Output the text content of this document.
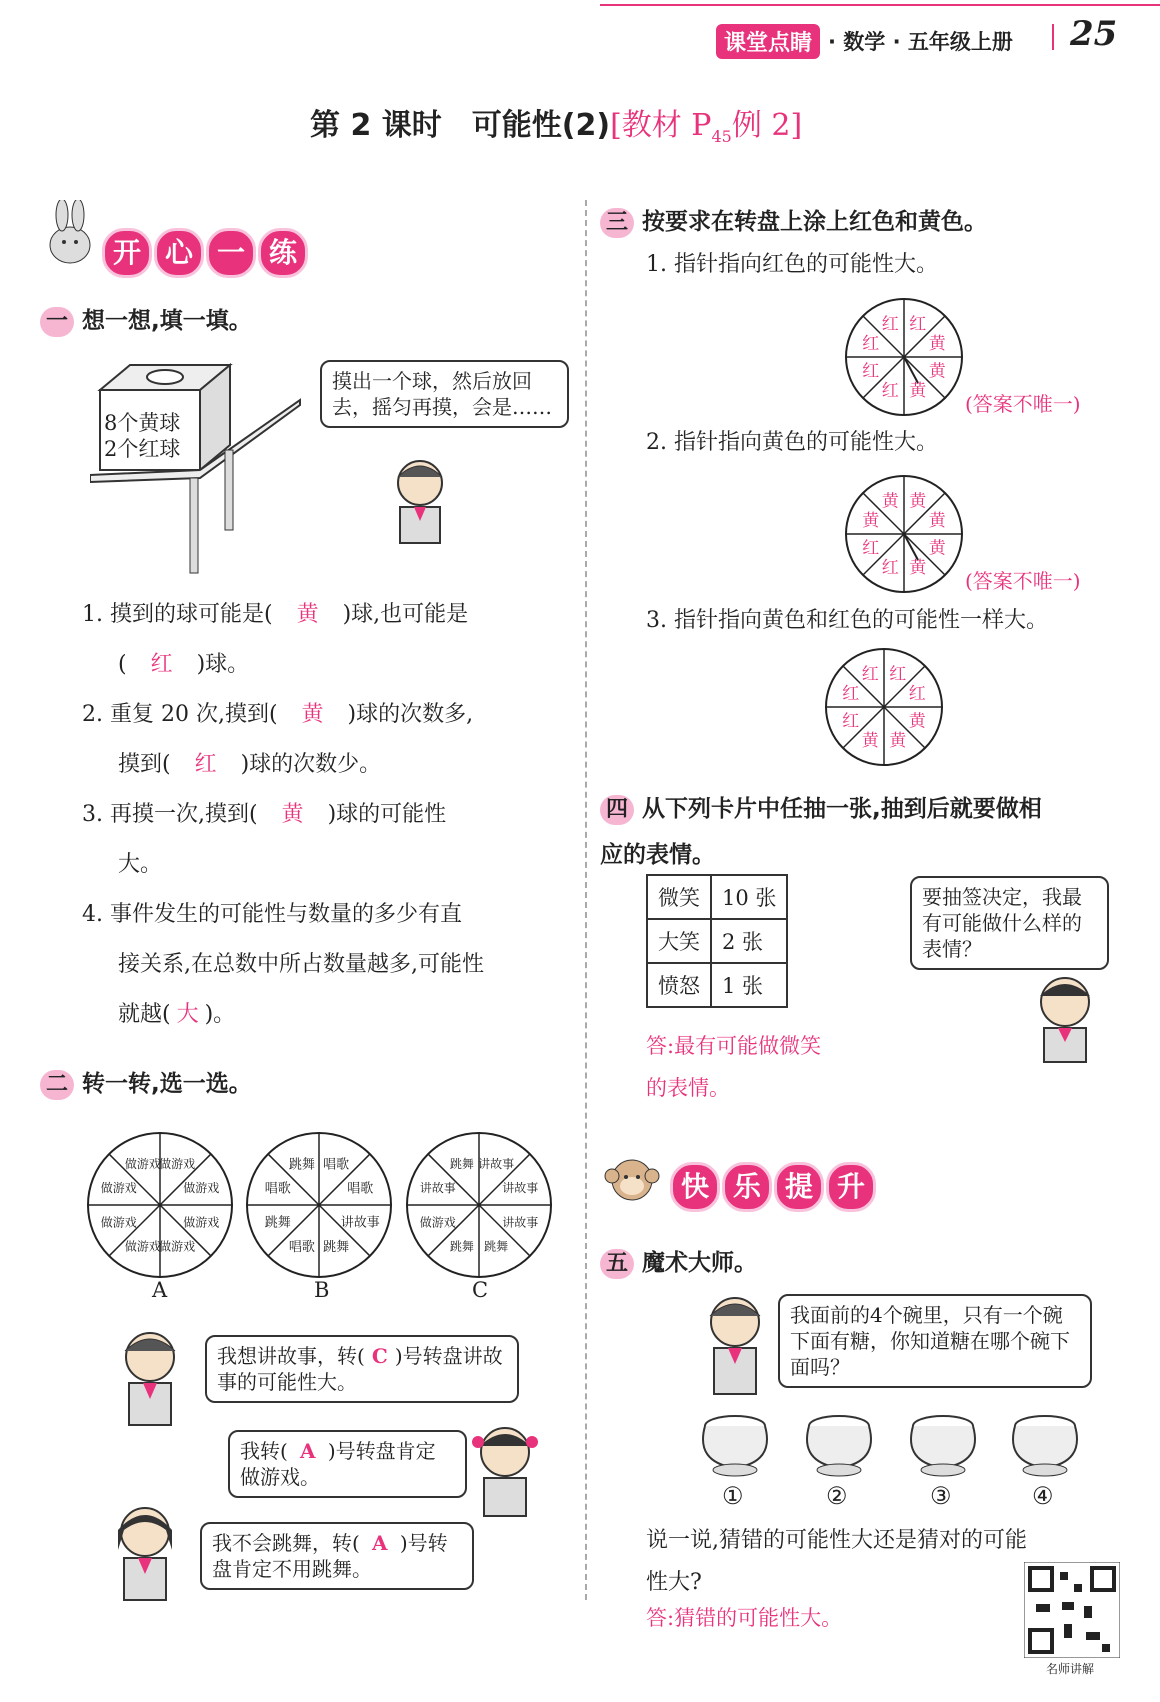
课堂点睛 · 数学 · 五年级上册 25
第 2 课时　可能性(2)[教材 $P_{45}$例 2]
开 心 一 练
一 想一想,填一填。
8个黄球
2个红球
摸出一个球，然后放回去，摇匀再摸，会是……
1. 摸到的球可能是( 黄 )球,也可能是
( 红 )球。
2. 重复 20 次,摸到( 黄 )球的次数多,
摸到( 红 )球的次数少。
3. 再摸一次,摸到( 黄 )球的可能性
大。
4. 事件发生的可能性与数量的多少有直
接关系,在总数中所占数量越多,可能性
就越( 大 )。
二 转一转,选一选。
做游戏
做游戏
做游戏
做游戏
做游戏
做游戏
做游戏
做游戏	唱歌
唱歌
讲故事
跳舞
唱歌
跳舞
唱歌
跳舞	讲故事
讲故事
讲故事
跳舞
跳舞
做游戏
讲故事
跳舞
A	B	C
我想讲故事，转( C )号转盘讲故事的可能性大。
我转( A )号转盘肯定做游戏。
我不会跳舞，转( A )号转盘肯定不用跳舞。
三 按要求在转盘上涂上红色和黄色。
1. 指针指向红色的可能性大。
红
黄
黄
黄
红
红
红
红
(答案不唯一)
2. 指针指向黄色的可能性大。
黄
黄
黄
黄
红
红
黄
黄
(答案不唯一)
3. 指针指向黄色和红色的可能性一样大。
红
红
黄
黄
黄
红
红
红
四 从下列卡片中任抽一张,抽到后就要做相
应的表情。
微笑	10 张
大笑	2 张
愤怒	1 张
要抽签决定，我最有可能做什么样的表情？
答:最有可能做微笑
的表情。
快 乐 提 升
五 魔术大师。
我面前的4个碗里，只有一个碗下面有糖，你知道糖在哪个碗下面吗？
①	②	③	④
说一说,猜错的可能性大还是猜对的可能
性大?
答:猜错的可能性大。
名师讲解
